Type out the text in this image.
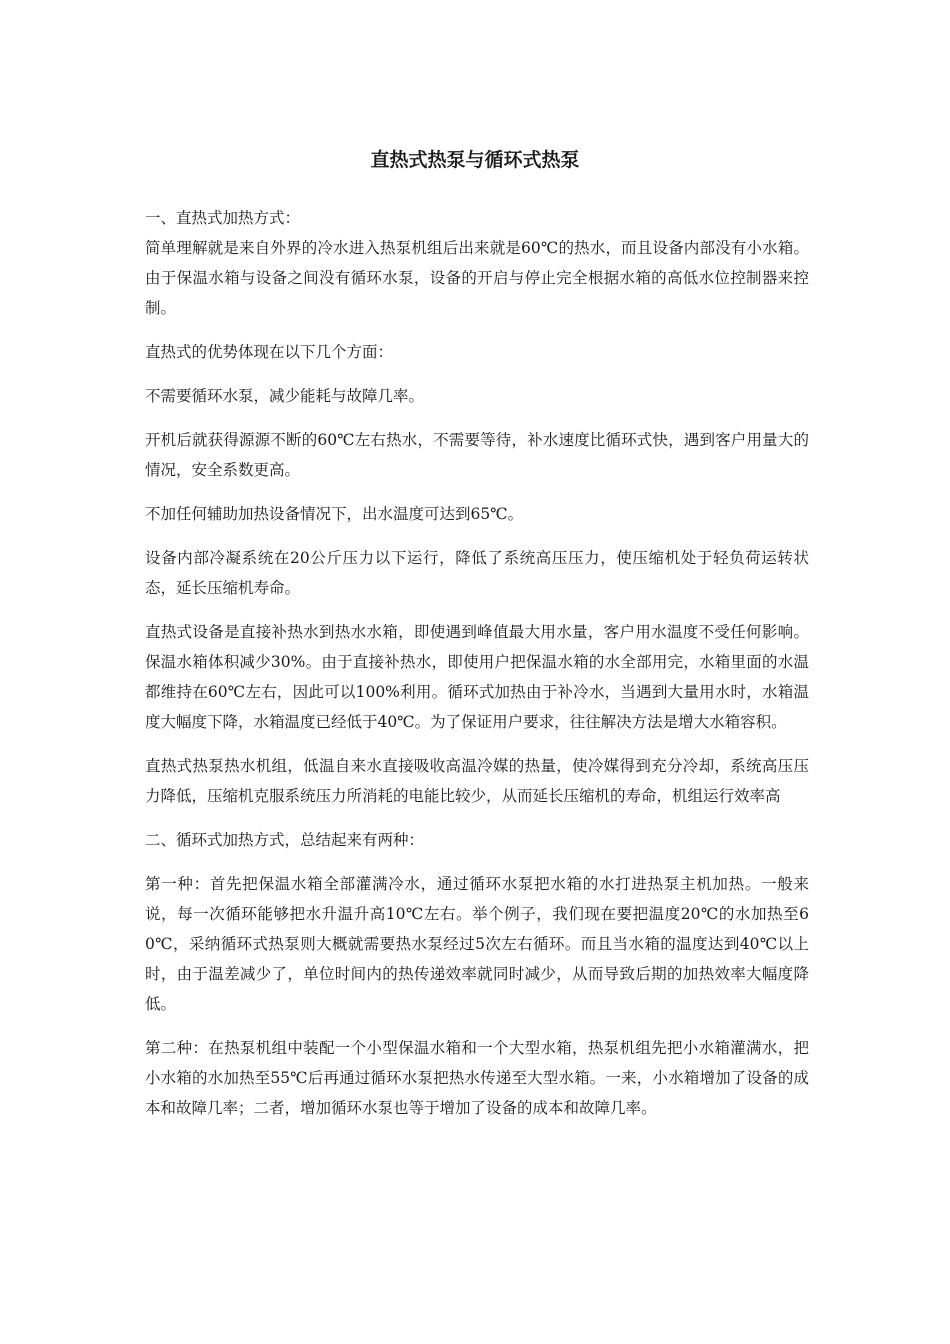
直热式热泵与循环式热泵

一、直热式加热方式：

简单理解就是来自外界的冷水进入热泵机组后出来就是60℃的热水，而且设备内部没有小水箱。由于保温水箱与设备之间没有循环水泵，设备的开启与停止完全根据水箱的高低水位控制器来控制。

直热式的优势体现在以下几个方面：

不需要循环水泵，减少能耗与故障几率。

开机后就获得源源不断的60℃左右热水，不需要等待，补水速度比循环式快，遇到客户用量大的情况，安全系数更高。

不加任何辅助加热设备情况下，出水温度可达到65℃。

设备内部冷凝系统在20公斤压力以下运行，降低了系统高压压力，使压缩机处于轻负荷运转状态，延长压缩机寿命。

直热式设备是直接补热水到热水水箱，即使遇到峰值最大用水量，客户用水温度不受任何影响。保温水箱体积减少30%。由于直接补热水，即使用户把保温水箱的水全部用完，水箱里面的水温都维持在60℃左右，因此可以100%利用。循环式加热由于补冷水，当遇到大量用水时，水箱温度大幅度下降，水箱温度已经低于40℃。为了保证用户要求，往往解决方法是增大水箱容积。

直热式热泵热水机组，低温自来水直接吸收高温冷媒的热量，使冷媒得到充分冷却，系统高压压力降低，压缩机克服系统压力所消耗的电能比较少，从而延长压缩机的寿命，机组运行效率高

二、循环式加热方式，总结起来有两种：

第一种：首先把保温水箱全部灌满冷水，通过循环水泵把水箱的水打进热泵主机加热。一般来说，每一次循环能够把水升温升高10℃左右。举个例子，我们现在要把温度20℃的水加热至60℃，采纳循环式热泵则大概就需要热水泵经过5次左右循环。而且当水箱的温度达到40℃以上时，由于温差减少了，单位时间内的热传递效率就同时减少，从而导致后期的加热效率大幅度降低。

第二种：在热泵机组中装配一个小型保温水箱和一个大型水箱，热泵机组先把小水箱灌满水，把小水箱的水加热至55℃后再通过循环水泵把热水传递至大型水箱。一来，小水箱增加了设备的成本和故障几率；二者，增加循环水泵也等于增加了设备的成本和故障几率。
